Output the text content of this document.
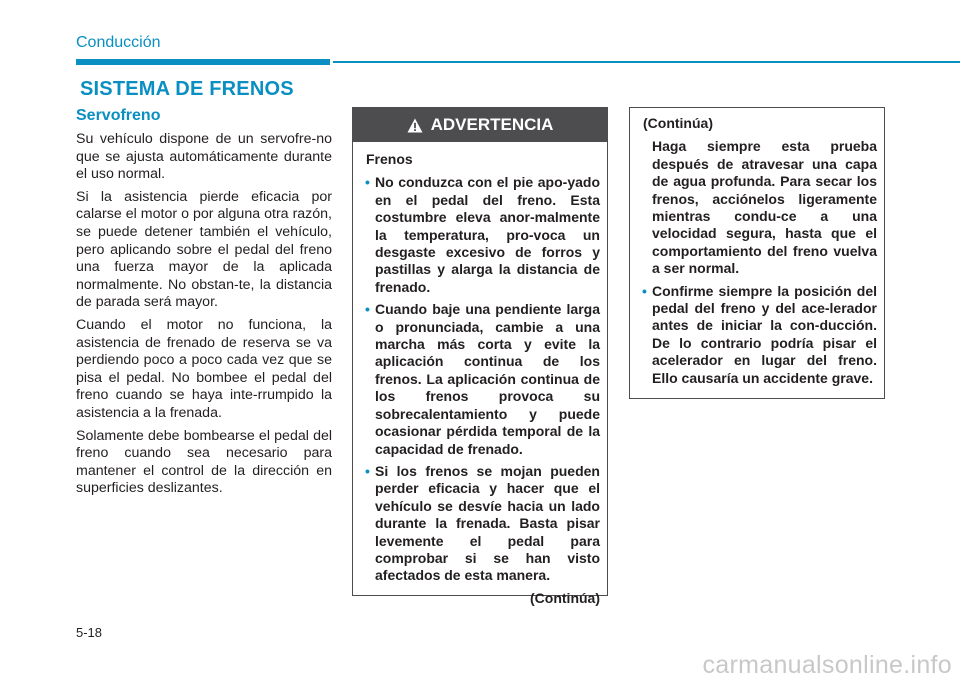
Conducción
SISTEMA DE FRENOS
Servofreno

Su vehículo dispone de un servofre-no que se ajusta automáticamente durante el uso normal.

Si la asistencia pierde eficacia por calarse el motor o por alguna otra razón, se puede detener también el vehículo, pero aplicando sobre el pedal del freno una fuerza mayor de la aplicada normalmente. No obstan-te, la distancia de parada será mayor.

Cuando el motor no funciona, la asistencia de frenado de reserva se va perdiendo poco a poco cada vez que se pisa el pedal. No bombee el pedal del freno cuando se haya inte-rrumpido la asistencia a la frenada.

Solamente debe bombearse el pedal del freno cuando sea necesario para mantener el control de la dirección en superficies deslizantes.

ADVERTENCIA
Frenos
• No conduzca con el pie apo-yado en el pedal del freno. Esta costumbre eleva anor-malmente la temperatura, pro-voca un desgaste excesivo de forros y pastillas y alarga la distancia de frenado.
• Cuando baje una pendiente larga o pronunciada, cambie a una marcha más corta y evite la aplicación continua de los frenos. La aplicación continua de los frenos provoca su sobrecalentamiento y puede ocasionar pérdida temporal de la capacidad de frenado.
• Si los frenos se mojan pueden perder eficacia y hacer que el vehículo se desvíe hacia un lado durante la frenada. Basta pisar levemente el pedal para comprobar si se han visto afectados de esta manera.
(Continúa)
(Continúa)
Haga siempre esta prueba después de atravesar una capa de agua profunda. Para secar los frenos, acciónelos ligeramente mientras condu-ce a una velocidad segura, hasta que el comportamiento del freno vuelva a ser normal.
• Confirme siempre la posición del pedal del freno y del ace-lerador antes de iniciar la con-ducción. De lo contrario podría pisar el acelerador en lugar del freno. Ello causaría un accidente grave.
5-18
carmanualsonline.info
